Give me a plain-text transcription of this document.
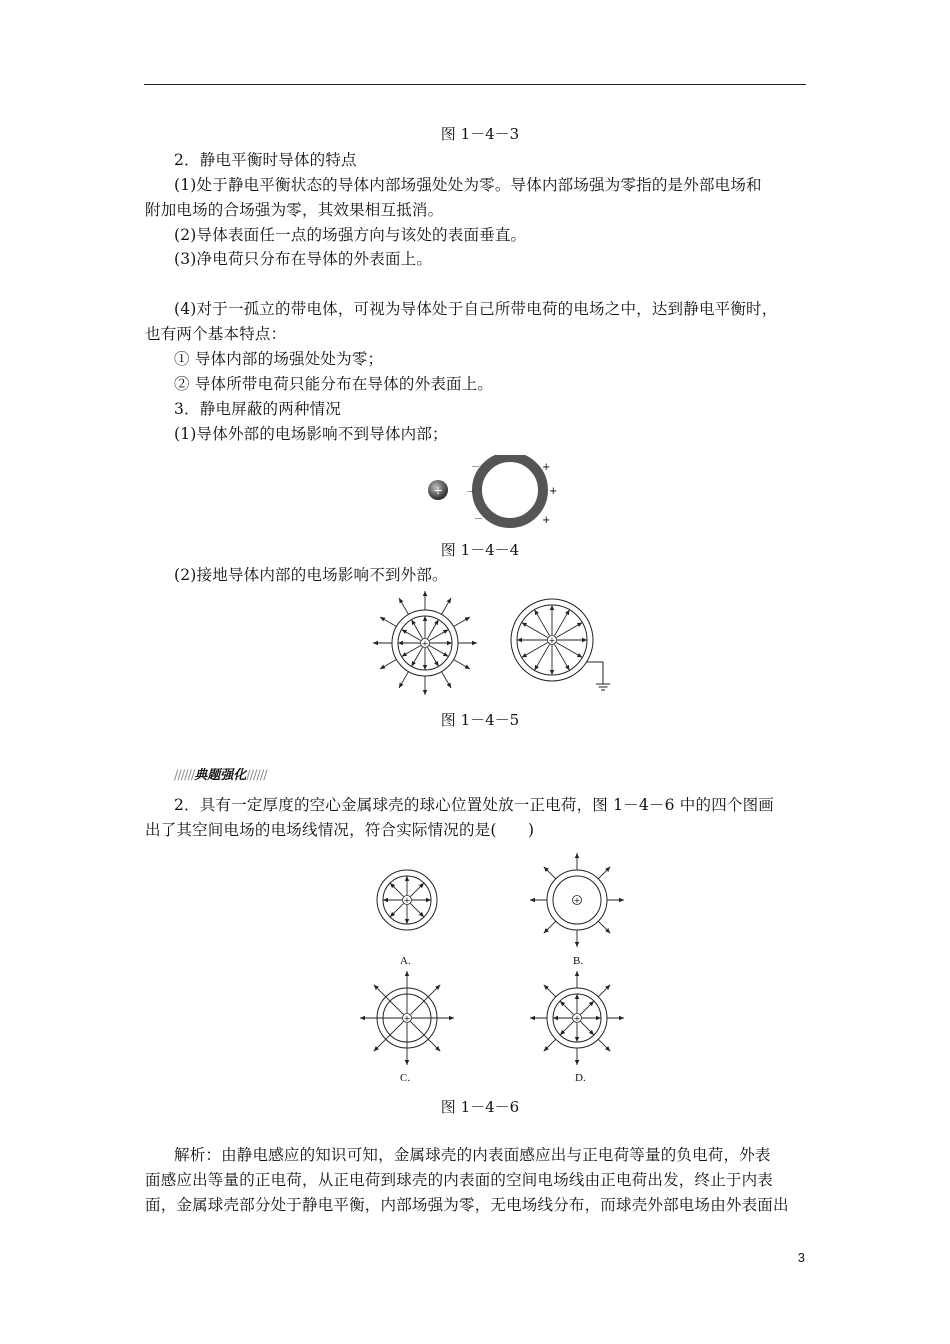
图 1－4－3
2．静电平衡时导体的特点
(1)处于静电平衡状态的导体内部场强处处为零。导体内部场强为零指的是外部电场和
附加电场的合场强为零，其效果相互抵消。
(2)导体表面任一点的场强方向与该处的表面垂直。
(3)净电荷只分布在导体的外表面上。
(4)对于一孤立的带电体，可视为导体处于自己所带电荷的电场之中，达到静电平衡时，
也有两个基本特点：
① 导体内部的场强处处为零；
② 导体所带电荷只能分布在导体的外表面上。
3．静电屏蔽的两种情况
(1)导体外部的电场影响不到导体内部；
+
－
－
－
+
+
+
图 1－4－4
(2)接地导体内部的电场影响不到外部。
+	+
图 1－4－5
//////典题强化//////
2．具有一定厚度的空心金属球壳的球心位置处放一正电荷，图 1－4－6 中的四个图画
出了其空间电场的电场线情况，符合实际情况的是(　　)
+	+
+	+
A.	B.
C.	D.
图 1－4－6
解析：由静电感应的知识可知，金属球壳的内表面感应出与正电荷等量的负电荷，外表
面感应出等量的正电荷，从正电荷到球壳的内表面的空间电场线由正电荷出发，终止于内表
面，金属球壳部分处于静电平衡，内部场强为零，无电场线分布，而球壳外部电场由外表面出
3
